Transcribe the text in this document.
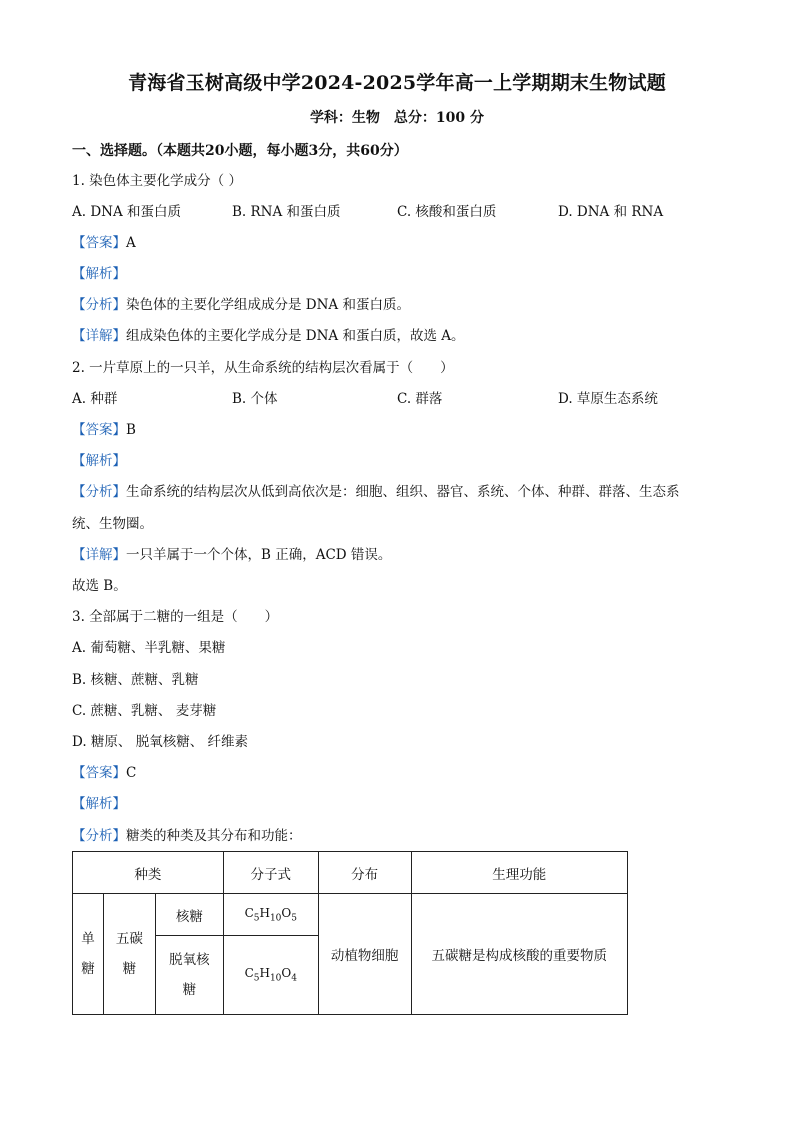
青海省玉树高级中学2024-2025学年高一上学期期末生物试题
学科：生物　总分：100 分
一、选择题。（本题共20小题，每小题3分，共60分）
1. 染色体主要化学成分（ ）
A. DNA 和蛋白质	B. RNA 和蛋白质	C. 核酸和蛋白质	D. DNA 和 RNA
【答案】A
【解析】
【分析】染色体的主要化学组成成分是 DNA 和蛋白质。
【详解】组成染色体的主要化学成分是 DNA 和蛋白质，故选 A。
2. 一片草原上的一只羊，从生命系统的结构层次看属于（　　）
A. 种群	B. 个体	C. 群落	D. 草原生态系统
【答案】B
【解析】
【分析】生命系统的结构层次从低到高依次是：细胞、组织、器官、系统、个体、种群、群落、生态系
统、生物圈。
【详解】一只羊属于一个个体，B 正确，ACD 错误。
故选 B。
3. 全部属于二糖的一组是（　　）
A. 葡萄糖、半乳糖、果糖
B. 核糖、蔗糖、乳糖
C. 蔗糖、乳糖、 麦芽糖
D. 糖原、 脱氧核糖、 纤维素
【答案】C
【解析】
【分析】糖类的种类及其分布和功能：
种类			分子式	分布	生理功能

单糖	五碳糖	核糖	$C_5H_{10}O_5$	动植物细胞	五碳糖是构成核酸的重要物质

		脱氧核糖	$C_5H_{10}O_4$
